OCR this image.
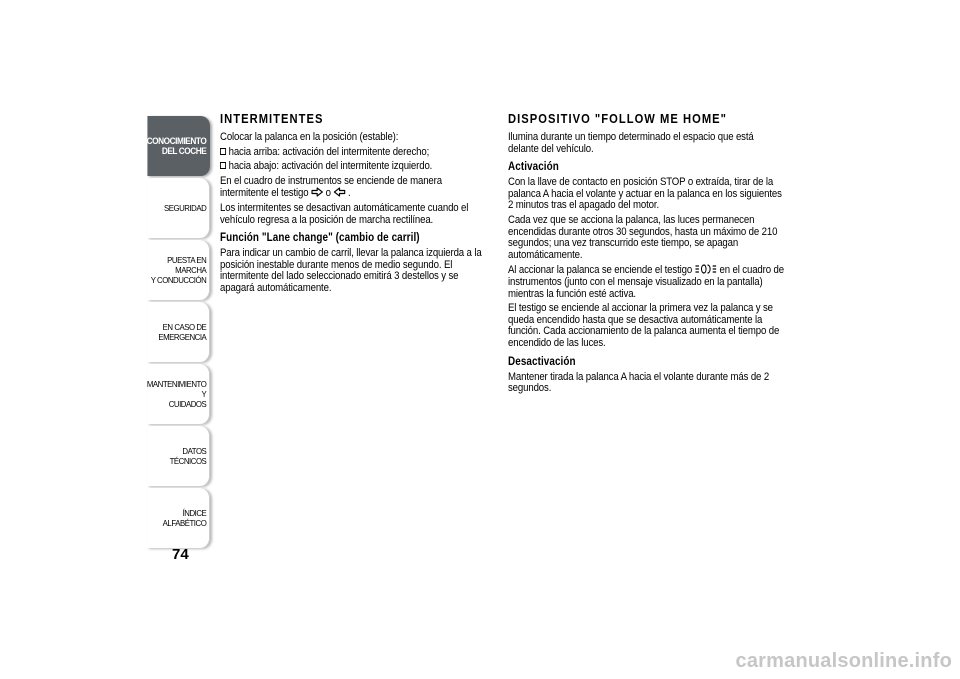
CONOCIMIENTO
DEL COCHE
SEGURIDAD
PUESTA EN MARCHA
Y CONDUCCIÓN
EN CASO DE
EMERGENCIA
MANTENIMIENTO Y
CUIDADOS
DATOS TÉCNICOS
ÍNDICE ALFABÉTICO
74
INTERMITENTES

Colocar la palanca en la posición (estable):

hacia arriba: activación del intermitente derecho;

hacia abajo: activación del intermitente izquierdo.

En el cuadro de instrumentos se enciende de manera intermitente el testigo o .

Los intermitentes se desactivan automáticamente cuando el vehículo regresa a la posición de marcha rectilínea.

Función "Lane change" (cambio de carril)

Para indicar un cambio de carril, llevar la palanca izquierda a la posición inestable durante menos de medio segundo. El intermitente del lado seleccionado emitirá 3 destellos y se apagará automáticamente.

DISPOSITIVO "FOLLOW ME HOME"

Ilumina durante un tiempo determinado el espacio que está delante del vehículo.

Activación

Con la llave de contacto en posición STOP o extraída, tirar de la palanca A hacia el volante y actuar en la palanca en los siguientes 2 minutos tras el apagado del motor.

Cada vez que se acciona la palanca, las luces permanecen encendidas durante otros 30 segundos, hasta un máximo de 210 segundos; una vez transcurrido este tiempo, se apagan automáticamente.

Al accionar la palanca se enciende el testigo en el cuadro de instrumentos (junto con el mensaje visualizado en la pantalla) mientras la función esté activa.

El testigo se enciende al accionar la primera vez la palanca y se queda encendido hasta que se desactiva automáticamente la función. Cada accionamiento de la palanca aumenta el tiempo de encendido de las luces.

Desactivación

Mantener tirada la palanca A hacia el volante durante más de 2 segundos.

carmanualsonline.info
